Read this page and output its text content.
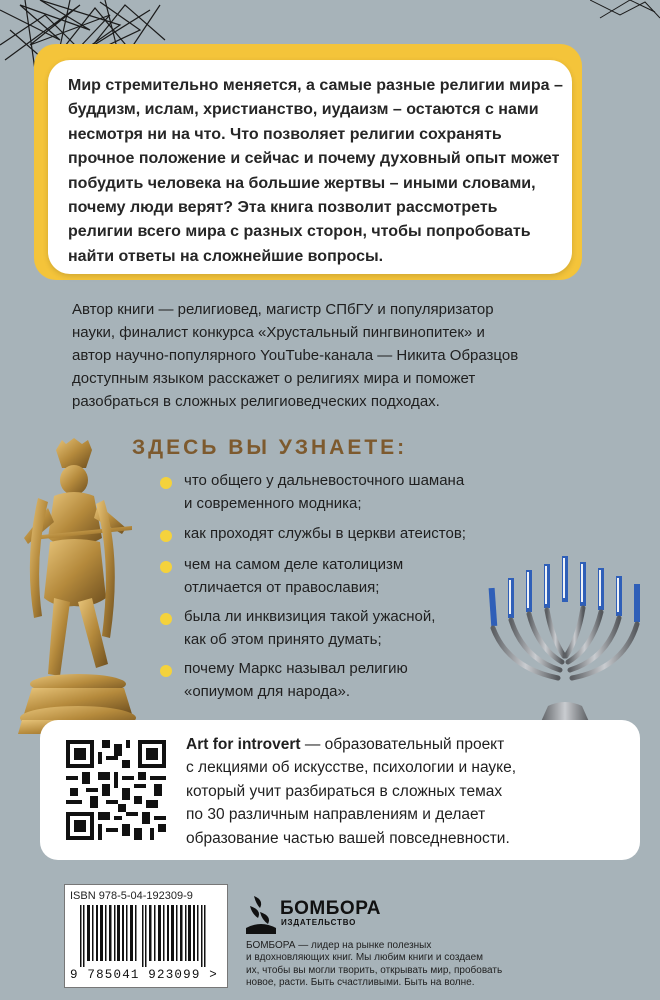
Мир стремительно меняется, а самые разные религии мира –
буддизм, ислам, христианство, иудаизм – остаются с нами
несмотря ни на что. Что позволяет религии сохранять
прочное положение и сейчас и почему духовный опыт может
побудить человека на большие жертвы – иными словами,
почему люди верят? Эта книга позволит рассмотреть
религии всего мира с разных сторон, чтобы попробовать
найти ответы на сложнейшие вопросы.
Автор книги — религиовед, магистр СПбГУ и популяризатор
науки, финалист конкурса «Хрустальный пингвинопитек» и
автор научно-популярного YouTube-канала — Никита Образцов
доступным языком расскажет о религиях мира и поможет
разобраться в сложных религиоведческих подходах.
ЗДЕСЬ ВЫ УЗНАЕТЕ:
что общего у дальневосточного шамана
и современного модника;
как проходят службы в церкви атеистов;
чем на самом деле католицизм
отличается от православия;
была ли инквизиция такой ужасной,
как об этом принято думать;
почему Маркс называл религию
«опиумом для народа».
Art for introvert — образовательный проект
с лекциями об искусстве, психологии и науке,
который учит разбираться в сложных темах
по 30 различным направлениям и делает
образование частью вашей повседневности.
ISBN 978-5-04-192309-9
9 785041 923099 >
БОМБОРА
ИЗДАТЕЛЬСТВО
БОМБОРА — лидер на рынке полезных
и вдохновляющих книг. Мы любим книги и создаем
их, чтобы вы могли творить, открывать мир, пробовать
новое, расти. Быть счастливыми. Быть на волне.
